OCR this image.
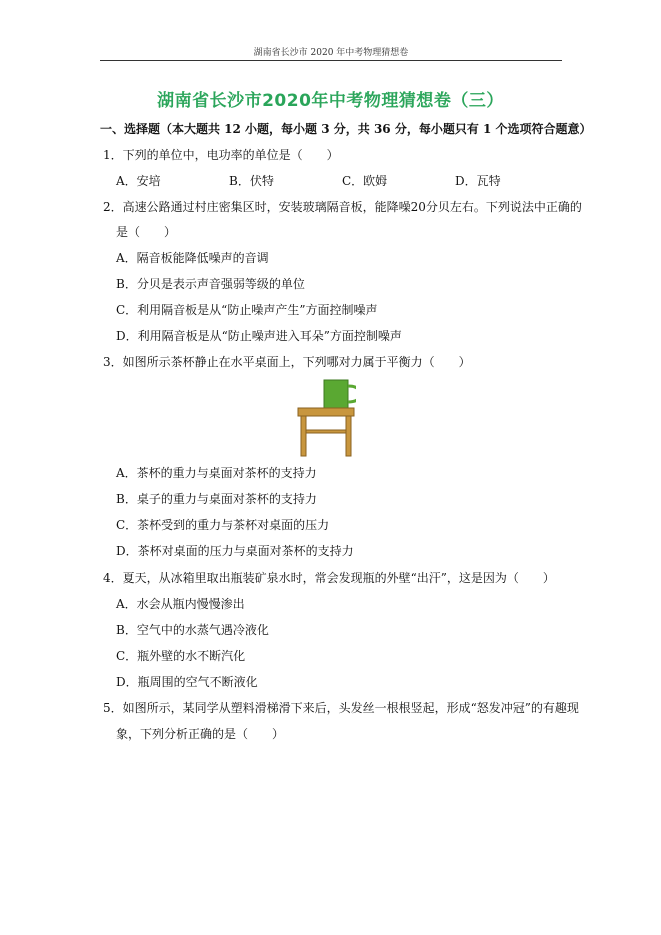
湖南省长沙市 2020 年中考物理猜想卷
湖南省长沙市2020年中考物理猜想卷（三）
一、选择题（本大题共 12 小题，每小题 3 分，共 36 分，每小题只有 1 个选项符合题意）
1．下列的单位中，电功率的单位是（　　）
A．安培	B．伏特	C．欧姆	D．瓦特
2．高速公路通过村庄密集区时，安装玻璃隔音板，能降噪20分贝左右。下列说法中正确的
是（　　）
A．隔音板能降低噪声的音调
B．分贝是表示声音强弱等级的单位
C．利用隔音板是从“防止噪声产生”方面控制噪声
D．利用隔音板是从“防止噪声进入耳朵”方面控制噪声
3．如图所示茶杯静止在水平桌面上，下列哪对力属于平衡力（　　）
A．茶杯的重力与桌面对茶杯的支持力
B．桌子的重力与桌面对茶杯的支持力
C．茶杯受到的重力与茶杯对桌面的压力
D．茶杯对桌面的压力与桌面对茶杯的支持力
4．夏天，从冰箱里取出瓶装矿泉水时，常会发现瓶的外壁“出汗”，这是因为（　　）
A．水会从瓶内慢慢渗出
B．空气中的水蒸气遇冷液化
C．瓶外壁的水不断汽化
D．瓶周围的空气不断液化
5．如图所示，某同学从塑料滑梯滑下来后，头发丝一根根竖起，形成“怒发冲冠”的有趣现
象，下列分析正确的是（　　）
